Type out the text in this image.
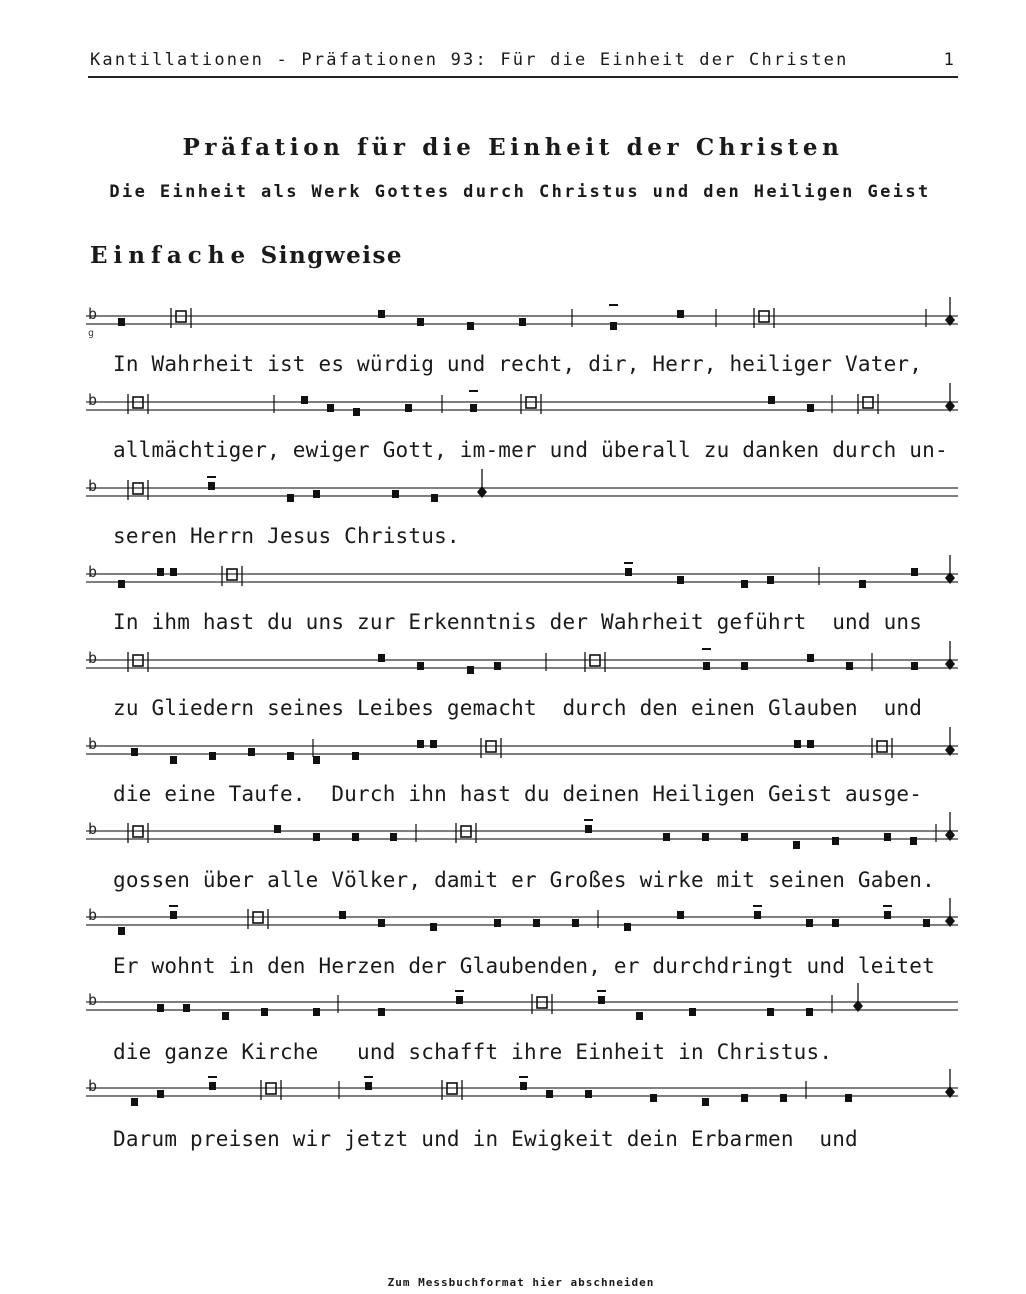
Kantillationen - Präfationen 93: Für die Einheit der Christen	1
Präfation für die Einheit der Christen
Die Einheit als Werk Gottes durch Christus und den Heiligen Geist
Einfache Singweise
b
g
In Wahrheit ist es würdig und recht, dir, Herr, heiliger Vater,
b
allmächtiger, ewiger Gott, im-mer und überall zu danken durch un-
b
seren Herrn Jesus Christus.
b
In ihm hast du uns zur Erkenntnis der Wahrheit geführt  und uns
b
zu Gliedern seines Leibes gemacht  durch den einen Glauben  und
b
die eine Taufe.  Durch ihn hast du deinen Heiligen Geist ausge-
b
gossen über alle Völker, damit er Großes wirke mit seinen Gaben.
b
Er wohnt in den Herzen der Glaubenden, er durchdringt und leitet
b
die ganze Kirche   und schafft ihre Einheit in Christus.
b
Darum preisen wir jetzt und in Ewigkeit dein Erbarmen  und
Zum Messbuchformat hier abschneiden
